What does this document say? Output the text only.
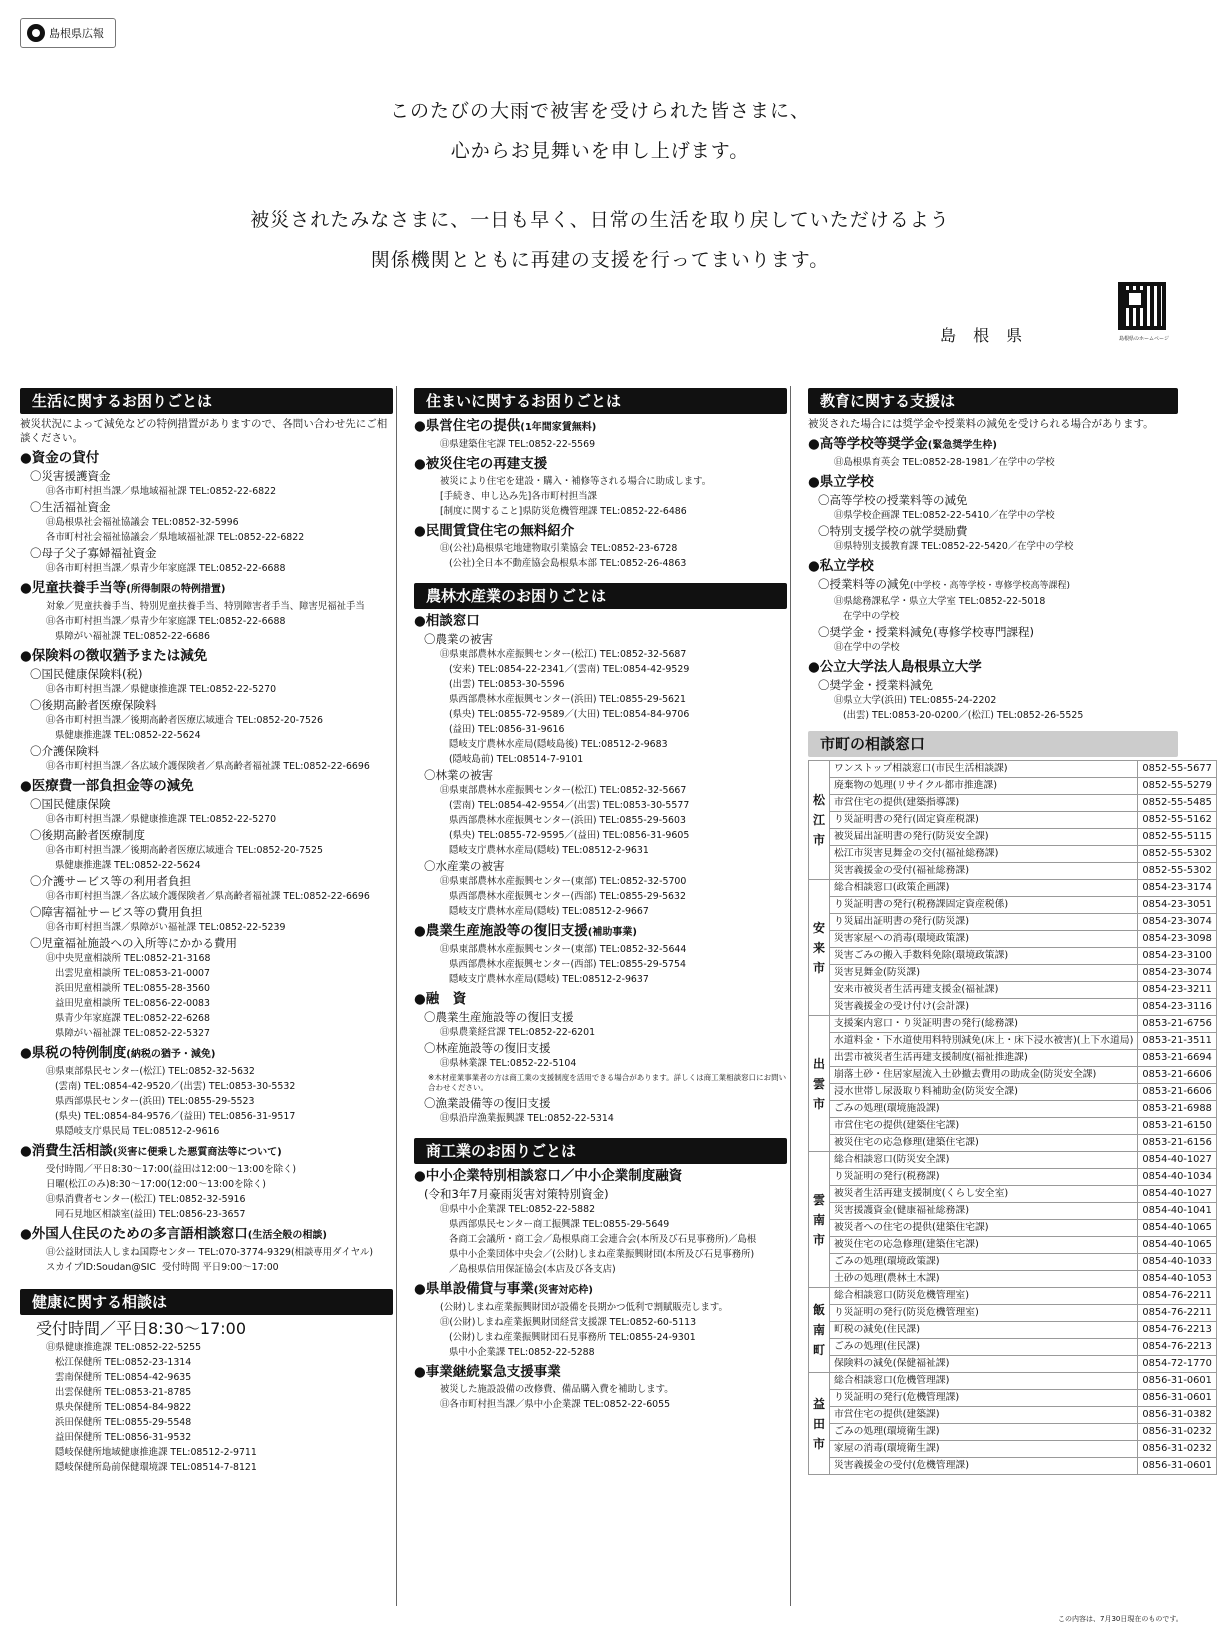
島根県広報
このたびの大雨で被害を受けられた皆さまに、
心からお見舞いを申し上げます。
被災されたみなさまに、一日も早く、日常の生活を取り戻していただけるよう
関係機関とともに再建の支援を行ってまいります。
島 根 県	島根県のホームページ
生活に関するお困りごとは
被災状況によって減免などの特例措置がありますので、各問い合わせ先にご相談ください。
●資金の貸付
〇災害援護資金
㊐各市町村担当課／県地域福祉課 TEL:0852-22-6822
〇生活福祉資金
㊐島根県社会福祉協議会 TEL:0852-32-5996
各市町村社会福祉協議会／県地域福祉課 TEL:0852-22-6822
〇母子父子寡婦福祉資金
㊐各市町村担当課／県青少年家庭課 TEL:0852-22-6688
●児童扶養手当等(所得制限の特例措置)
対象／児童扶養手当、特別児童扶養手当、特別障害者手当、障害児福祉手当
㊐各市町村担当課／県青少年家庭課 TEL:0852-22-6688
県障がい福祉課 TEL:0852-22-6686
●保険料の徴収猶予または減免
〇国民健康保険料(税)
㊐各市町村担当課／県健康推進課 TEL:0852-22-5270
〇後期高齢者医療保険料
㊐各市町村担当課／後期高齢者医療広域連合 TEL:0852-20-7526
県健康推進課 TEL:0852-22-5624
〇介護保険料
㊐各市町村担当課／各広域介護保険者／県高齢者福祉課 TEL:0852-22-6696
●医療費一部負担金等の減免
〇国民健康保険
㊐各市町村担当課／県健康推進課 TEL:0852-22-5270
〇後期高齢者医療制度
㊐各市町村担当課／後期高齢者医療広域連合 TEL:0852-20-7525
県健康推進課 TEL:0852-22-5624
〇介護サービス等の利用者負担
㊐各市町村担当課／各広域介護保険者／県高齢者福祉課 TEL:0852-22-6696
〇障害福祉サービス等の費用負担
㊐各市町村担当課／県障がい福祉課 TEL:0852-22-5239
〇児童福祉施設への入所等にかかる費用
㊐中央児童相談所 TEL:0852-21-3168
出雲児童相談所 TEL:0853-21-0007
浜田児童相談所 TEL:0855-28-3560
益田児童相談所 TEL:0856-22-0083
県青少年家庭課 TEL:0852-22-6268
県障がい福祉課 TEL:0852-22-5327
●県税の特例制度(納税の猶予・減免)
㊐県東部県民センター(松江) TEL:0852-32-5632
(雲南) TEL:0854-42-9520／(出雲) TEL:0853-30-5532
県西部県民センター(浜田) TEL:0855-29-5523
(県央) TEL:0854-84-9576／(益田) TEL:0856-31-9517
県隠岐支庁県民局 TEL:08512-2-9616
●消費生活相談(災害に便乗した悪質商法等について)
受付時間／平日8:30～17:00(益田は12:00～13:00を除く)
日曜(松江のみ)8:30～17:00(12:00～13:00を除く)
㊐県消費者センター(松江) TEL:0852-32-5916
同石見地区相談室(益田) TEL:0856-23-3657
●外国人住民のための多言語相談窓口(生活全般の相談)
㊐公益財団法人しまね国際センター TEL:070-3774-9329(相談専用ダイヤル)
スカイプID:Soudan@SIC  受付時間 平日9:00～17:00
健康に関する相談は
受付時間／平日8:30～17:00
㊐県健康推進課 TEL:0852-22-5255
松江保健所 TEL:0852-23-1314
雲南保健所 TEL:0854-42-9635
出雲保健所 TEL:0853-21-8785
県央保健所 TEL:0854-84-9822
浜田保健所 TEL:0855-29-5548
益田保健所 TEL:0856-31-9532
隠岐保健所地域健康推進課 TEL:08512-2-9711
隠岐保健所島前保健環境課 TEL:08514-7-8121
住まいに関するお困りごとは
●県営住宅の提供(1年間家賃無料)
㊐県建築住宅課 TEL:0852-22-5569
●被災住宅の再建支援
被災により住宅を建設・購入・補修等される場合に助成します。
[手続き、申し込み先]各市町村担当課
[制度に関すること]県防災危機管理課 TEL:0852-22-6486
●民間賃貸住宅の無料紹介
㊐(公社)島根県宅地建物取引業協会 TEL:0852-23-6728
(公社)全日本不動産協会島根県本部 TEL:0852-26-4863
農林水産業のお困りごとは
●相談窓口
〇農業の被害
㊐県東部農林水産振興センター(松江) TEL:0852-32-5687
(安来) TEL:0854-22-2341／(雲南) TEL:0854-42-9529
(出雲) TEL:0853-30-5596
県西部農林水産振興センター(浜田) TEL:0855-29-5621
(県央) TEL:0855-72-9589／(大田) TEL:0854-84-9706
(益田) TEL:0856-31-9616
隠岐支庁農林水産局(隠岐島後) TEL:08512-2-9683
(隠岐島前) TEL:08514-7-9101
〇林業の被害
㊐県東部農林水産振興センター(松江) TEL:0852-32-5667
(雲南) TEL:0854-42-9554／(出雲) TEL:0853-30-5577
県西部農林水産振興センター(浜田) TEL:0855-29-5603
(県央) TEL:0855-72-9595／(益田) TEL:0856-31-9605
隠岐支庁農林水産局(隠岐) TEL:08512-2-9631
〇水産業の被害
㊐県東部農林水産振興センター(東部) TEL:0852-32-5700
県西部農林水産振興センター(西部) TEL:0855-29-5632
隠岐支庁農林水産局(隠岐) TEL:08512-2-9667
●農業生産施設等の復旧支援(補助事業)
㊐県東部農林水産振興センター(東部) TEL:0852-32-5644
県西部農林水産振興センター(西部) TEL:0855-29-5754
隠岐支庁農林水産局(隠岐) TEL:08512-2-9637
●融　資
〇農業生産施設等の復旧支援
㊐県農業経営課 TEL:0852-22-6201
〇林産施設等の復旧支援
㊐県林業課 TEL:0852-22-5104
※木材産業事業者の方は商工業の支援制度を活用できる場合があります。詳しくは商工業相談窓口にお問い合わせください。
〇漁業設備等の復旧支援
㊐県沿岸漁業振興課 TEL:0852-22-5314
商工業のお困りごとは
●中小企業特別相談窓口／中小企業制度融資
(令和3年7月豪雨災害対策特別資金)
㊐県中小企業課 TEL:0852-22-5882
県西部県民センター商工振興課 TEL:0855-29-5649
各商工会議所・商工会／島根県商工会連合会(本所及び石見事務所)／島根
県中小企業団体中央会／(公財)しまね産業振興財団(本所及び石見事務所)
／島根県信用保証協会(本店及び各支店)
●県単設備貸与事業(災害対応枠)
(公財)しまね産業振興財団が設備を長期かつ低利で割賦販売します。
㊐(公財)しまね産業振興財団経営支援課 TEL:0852-60-5113
(公財)しまね産業振興財団石見事務所 TEL:0855-24-9301
県中小企業課 TEL:0852-22-5288
●事業継続緊急支援事業
被災した施設設備の改修費、備品購入費を補助します。
㊐各市町村担当課／県中小企業課 TEL:0852-22-6055
教育に関する支援は
被災された場合には奨学金や授業料の減免を受けられる場合があります。
●高等学校等奨学金(緊急奨学生枠)
㊐島根県育英会 TEL:0852-28-1981／在学中の学校
●県立学校
〇高等学校の授業料等の減免
㊐県学校企画課 TEL:0852-22-5410／在学中の学校
〇特別支援学校の就学奨励費
㊐県特別支援教育課 TEL:0852-22-5420／在学中の学校
●私立学校
〇授業料等の減免(中学校・高等学校・専修学校高等課程)
㊐県総務課私学・県立大学室 TEL:0852-22-5018
在学中の学校
〇奨学金・授業料減免(専修学校専門課程)
㊐在学中の学校
●公立大学法人島根県立大学
〇奨学金・授業料減免
㊐県立大学(浜田) TEL:0855-24-2202
(出雲) TEL:0853-20-0200／(松江) TEL:0852-26-5525
市町の相談窓口
松
江
市	ワンストップ相談窓口(市民生活相談課)	0852-55-5677
	廃棄物の処理(リサイクル都市推進課)	0852-55-5279
	市営住宅の提供(建築指導課)	0852-55-5485
	り災証明書の発行(固定資産税課)	0852-55-5162
	被災届出証明書の発行(防災安全課)	0852-55-5115
	松江市災害見舞金の交付(福祉総務課)	0852-55-5302
	災害義援金の受付(福祉総務課)	0852-55-5302
安
来
市	総合相談窓口(政策企画課)	0854-23-3174
	り災証明書の発行(税務課固定資産税係)	0854-23-3051
	り災届出証明書の発行(防災課)	0854-23-3074
	災害家屋への消毒(環境政策課)	0854-23-3098
	災害ごみの搬入手数料免除(環境政策課)	0854-23-3100
	災害見舞金(防災課)	0854-23-3074
	安来市被災者生活再建支援金(福祉課)	0854-23-3211
	災害義援金の受け付け(会計課)	0854-23-3116
出
雲
市	支援案内窓口・り災証明書の発行(総務課)	0853-21-6756
	水道料金・下水道使用料特別減免(床上・床下浸水被害)(上下水道局)	0853-21-3511
	出雲市被災者生活再建支援制度(福祉推進課)	0853-21-6694
	崩落土砂・住居家屋流入土砂撤去費用の助成金(防災安全課)	0853-21-6606
	浸水世帯し尿汲取り料補助金(防災安全課)	0853-21-6606
	ごみの処理(環境施設課)	0853-21-6988
	市営住宅の提供(建築住宅課)	0853-21-6150
	被災住宅の応急修理(建築住宅課)	0853-21-6156
雲
南
市	総合相談窓口(防災安全課)	0854-40-1027
	り災証明の発行(税務課)	0854-40-1034
	被災者生活再建支援制度(くらし安全室)	0854-40-1027
	災害援護資金(健康福祉総務課)	0854-40-1041
	被災者への住宅の提供(建築住宅課)	0854-40-1065
	被災住宅の応急修理(建築住宅課)	0854-40-1065
	ごみの処理(環境政策課)	0854-40-1033
	土砂の処理(農林土木課)	0854-40-1053
飯
南
町	総合相談窓口(防災危機管理室)	0854-76-2211
	り災証明の発行(防災危機管理室)	0854-76-2211
	町税の減免(住民課)	0854-76-2213
	ごみの処理(住民課)	0854-76-2213
	保険料の減免(保健福祉課)	0854-72-1770
益
田
市	総合相談窓口(危機管理課)	0856-31-0601
	り災証明の発行(危機管理課)	0856-31-0601
	市営住宅の提供(建築課)	0856-31-0382
	ごみの処理(環境衛生課)	0856-31-0232
	家屋の消毒(環境衛生課)	0856-31-0232
	災害義援金の受付(危機管理課)	0856-31-0601
この内容は、7月30日現在のものです。
